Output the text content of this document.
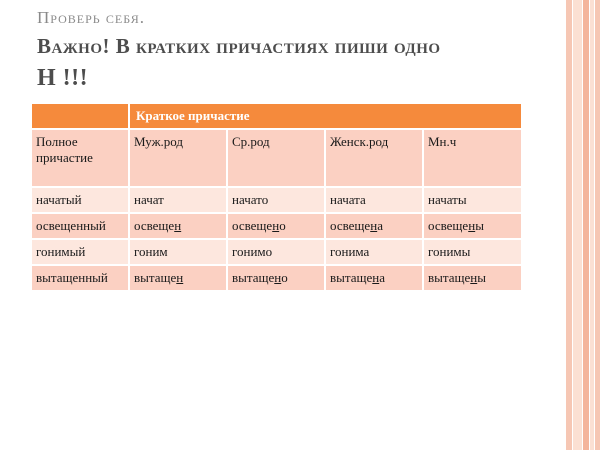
Проверь себя.
Важно! В кратких причастиях пиши одно
Н !!!
	Краткое причастие			
Полное причастие	Муж.род	Ср.род	Женск.род	Мн.ч
начатый	начат	начато	начата	начаты
освещенный	освещен	освещено	освещена	освещены
гонимый	гоним	гонимо	гонима	гонимы
вытащенный	вытащен	вытащено	вытащена	вытащены
